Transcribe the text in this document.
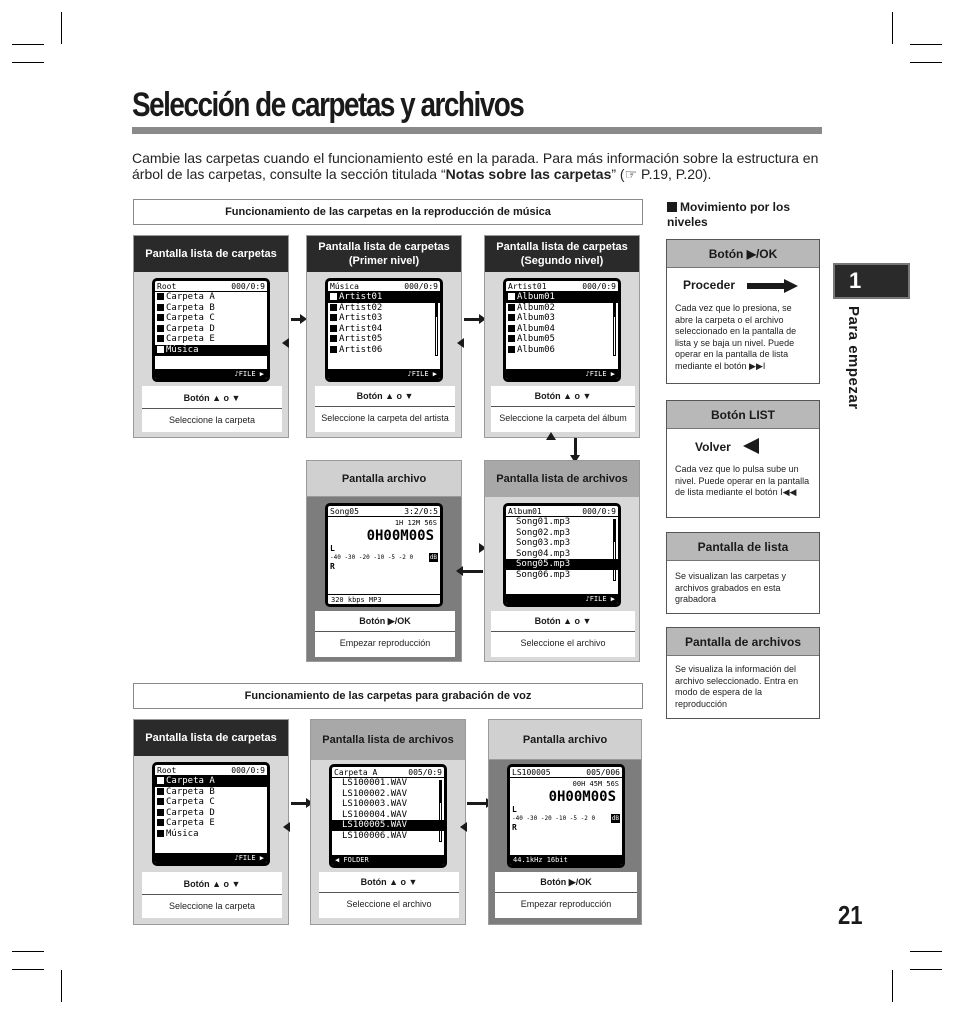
Selección de carpetas y archivos
Cambie las carpetas cuando el funcionamiento esté en la parada. Para más información sobre la estructura en árbol de las carpetas, consulte la sección titulada “Notas sobre las carpetas” (☞ P.19, P.20).
Funcionamiento de las carpetas en la reproducción de música
Pantalla lista de carpetas
Root	000/0:9
Carpeta A
Carpeta B
Carpeta C
Carpeta D
Carpeta E
Música
♪FILE ▶
Botón ▲ o ▼
Seleccione la carpeta
Pantalla lista de carpetas (Primer nivel)
Música	000/0:9
Artist01
Artist02
Artist03
Artist04
Artist05
Artist06
♪FILE ▶
Botón ▲ o ▼
Seleccione la carpeta del artista
Pantalla lista de carpetas (Segundo nivel)
Artist01	000/0:9
Album01
Album02
Album03
Album04
Album05
Album06
♪FILE ▶
Botón ▲ o ▼
Seleccione la carpeta del álbum
Pantalla archivo
Song05	3:2/0:5
1H 12M 56S
0H00M00S
L
-40 -30 -20 -10 -5 -2 0	dB
R
320 kbps MP3
Botón ▶/OK
Empezar reproducción
Pantalla lista de archivos
Album01	000/0:9
Song01.mp3
Song02.mp3
Song03.mp3
Song04.mp3
Song05.mp3
Song06.mp3
♪FILE ▶
Botón ▲ o ▼
Seleccione el archivo
Funcionamiento de las carpetas para grabación de voz
Pantalla lista de carpetas
Root	000/0:9
Carpeta A
Carpeta B
Carpeta C
Carpeta D
Carpeta E
Música
♪FILE ▶
Botón ▲ o ▼
Seleccione la carpeta
Pantalla lista de archivos
Carpeta A	005/0:9
LS100001.WAV
LS100002.WAV
LS100003.WAV
LS100004.WAV
LS100005.WAV
LS100006.WAV
◀ FOLDER
Botón ▲ o ▼
Seleccione el archivo
Pantalla archivo
LS100005	005/006
00H 45M 56S
0H00M00S
L
-40 -30 -20 -10 -5 -2 0	dB
R
44.1kHz 16bit
Botón ▶/OK
Empezar reproducción
Movimiento por los niveles
Botón
▶/OK
Proceder
Cada vez que lo presiona, se abre la carpeta o el archivo seleccionado en la pantalla de lista y se baja un nivel. Puede operar en la pantalla de lista mediante el botón ▶▶I
Botón
LIST
Volver
Cada vez que lo pulsa sube un nivel. Puede operar en la pantalla de lista mediante el botón I◀◀
Pantalla de lista
Se visualizan las carpetas y archivos grabados en esta grabadora
Pantalla de archivos
Se visualiza la información del archivo seleccionado. Entra en modo de espera de la reproducción
1
Para empezar
21
